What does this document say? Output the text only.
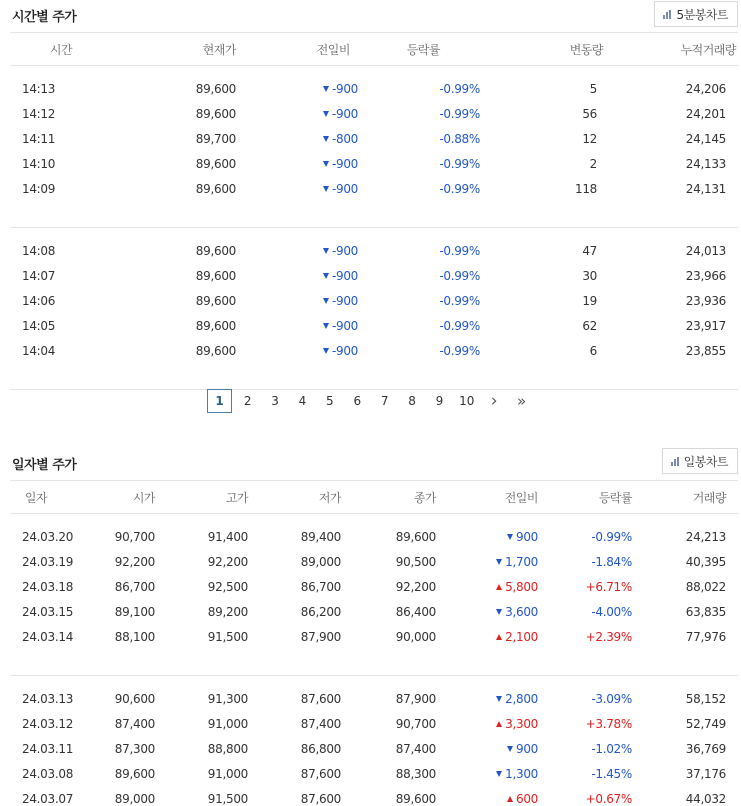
시간별 주가	5분봉차트
시간	현재가	전일비	등락률	변동량	누적거래량

14:13	89,600	-900	-0.99%	5	24,206
14:12	89,600	-900	-0.99%	56	24,201
14:11	89,700	-800	-0.88%	12	24,145
14:10	89,600	-900	-0.99%	2	24,133
14:09	89,600	-900	-0.99%	118	24,131

14:08	89,600	-900	-0.99%	47	24,013
14:07	89,600	-900	-0.99%	30	23,966
14:06	89,600	-900	-0.99%	19	23,936
14:05	89,600	-900	-0.99%	62	23,917
14:04	89,600	-900	-0.99%	6	23,855

1	2	3	4	5	6	7	8	9	10 ›	»
일자별 주가	일봉차트
일자	시가	고가	저가	종가	전일비	등락률	거래량

24.03.20	90,700	91,400	89,400	89,600	900	-0.99%	24,213
24.03.19	92,200	92,200	89,000	90,500	1,700	-1.84%	40,395
24.03.18	86,700	92,500	86,700	92,200	5,800	+6.71%	88,022
24.03.15	89,100	89,200	86,200	86,400	3,600	-4.00%	63,835
24.03.14	88,100	91,500	87,900	90,000	2,100	+2.39%	77,976

24.03.13	90,600	91,300	87,600	87,900	2,800	-3.09%	58,152
24.03.12	87,400	91,000	87,400	90,700	3,300	+3.78%	52,749
24.03.11	87,300	88,800	86,800	87,400	900	-1.02%	36,769
24.03.08	89,600	91,000	87,600	88,300	1,300	-1.45%	37,176
24.03.07	89,000	91,500	87,600	89,600	600	+0.67%	44,032
